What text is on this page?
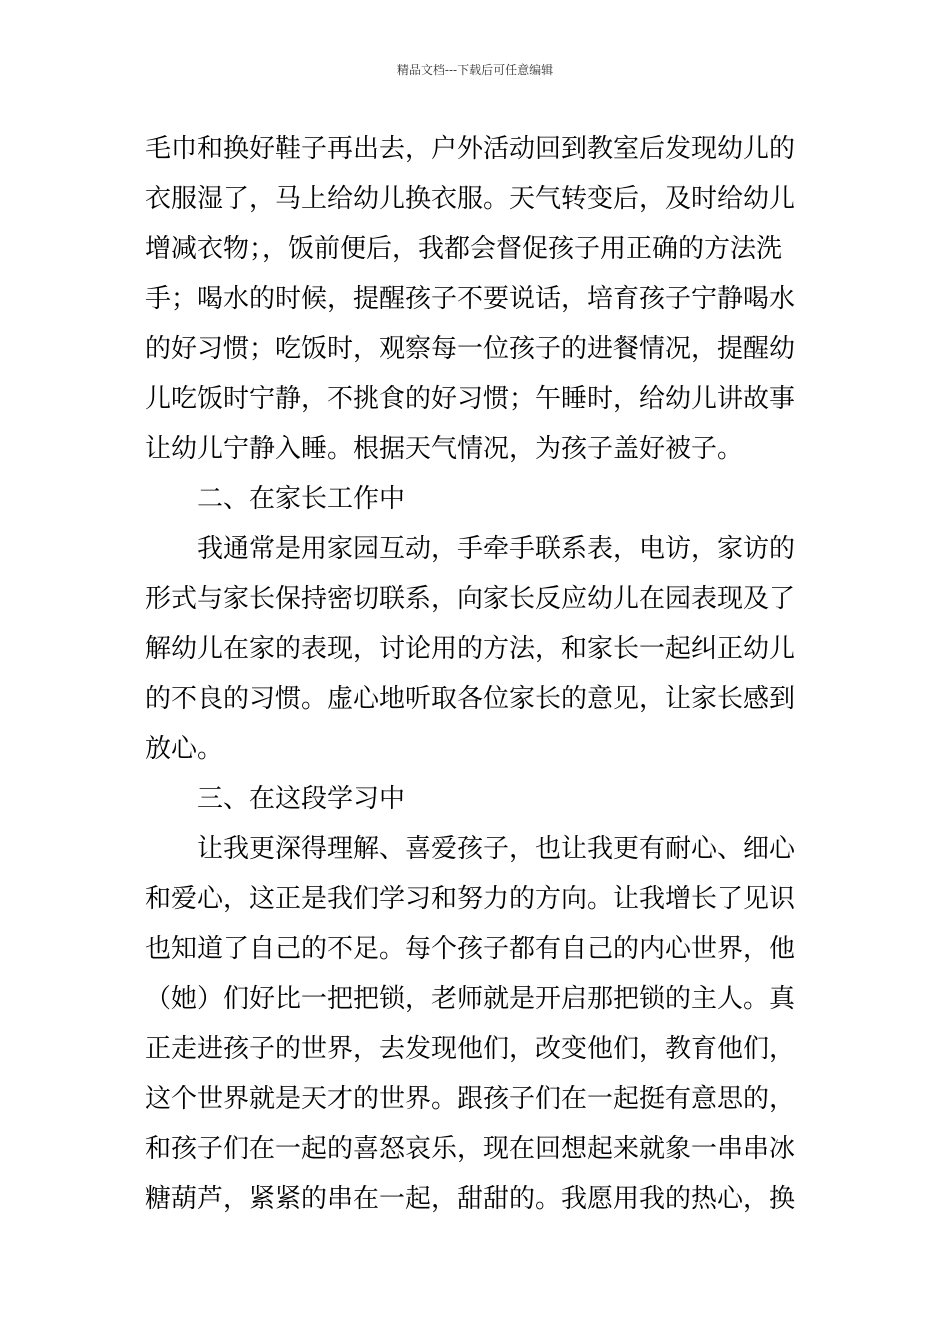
精品文档---下载后可任意编辑
毛巾和换好鞋子再出去，户外活动回到教室后发现幼儿的
衣服湿了，马上给幼儿换衣服。天气转变后，及时给幼儿
增减衣物；，饭前便后，我都会督促孩子用正确的方法洗
手；喝水的时候，提醒孩子不要说话，培育孩子宁静喝水
的好习惯；吃饭时，观察每一位孩子的进餐情况，提醒幼
儿吃饭时宁静，不挑食的好习惯；午睡时，给幼儿讲故事
让幼儿宁静入睡。根据天气情况，为孩子盖好被子。
二、在家长工作中
我通常是用家园互动，手牵手联系表，电访，家访的
形式与家长保持密切联系，向家长反应幼儿在园表现及了
解幼儿在家的表现，讨论用的方法，和家长一起纠正幼儿
的不良的习惯。虚心地听取各位家长的意见，让家长感到
放心。
三、在这段学习中
让我更深得理解、喜爱孩子，也让我更有耐心、细心
和爱心，这正是我们学习和努力的方向。让我增长了见识
也知道了自己的不足。每个孩子都有自己的内心世界，他
（她）们好比一把把锁，老师就是开启那把锁的主人。真
正走进孩子的世界，去发现他们，改变他们，教育他们，
这个世界就是天才的世界。跟孩子们在一起挺有意思的，
和孩子们在一起的喜怒哀乐，现在回想起来就象一串串冰
糖葫芦，紧紧的串在一起，甜甜的。我愿用我的热心，换
